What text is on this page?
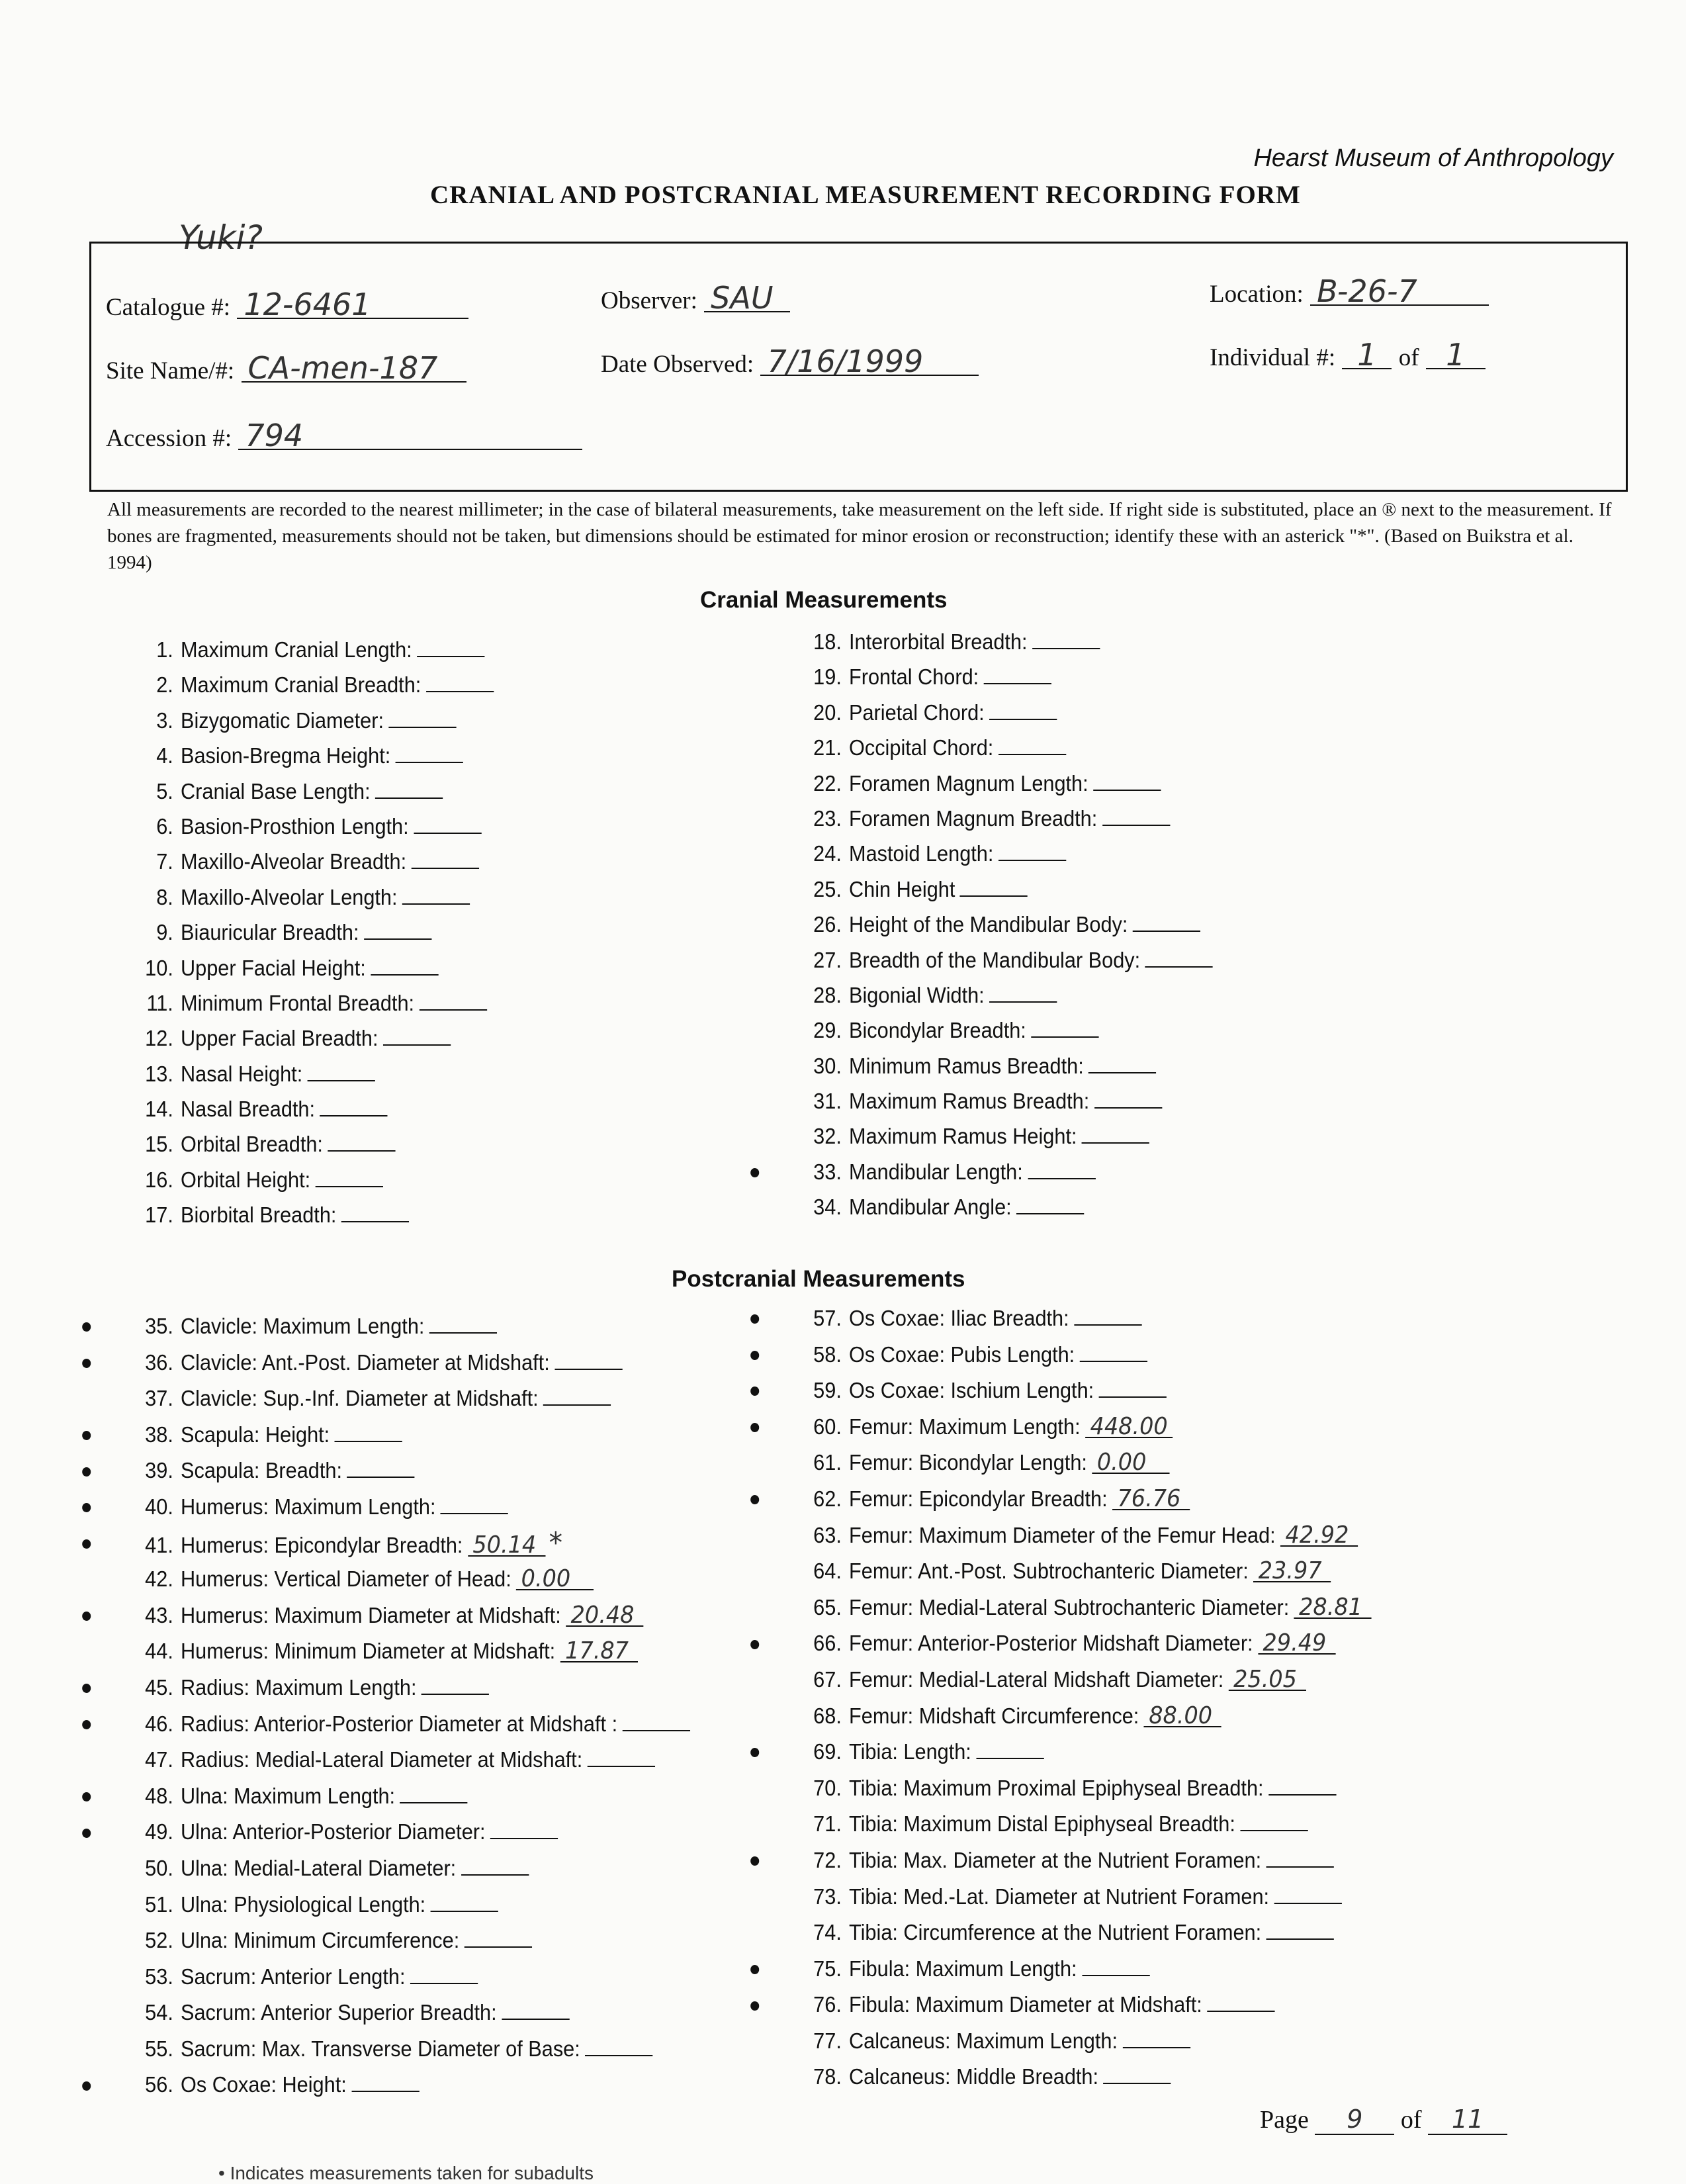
Hearst Museum of Anthropology
CRANIAL AND POSTCRANIAL MEASUREMENT RECORDING FORM
Yuki?
Catalogue #: 12-6461	Observer: SAU	Location: B-26-7
Site Name/#: CA-men-187	Date Observed: 7/16/1999	Individual #: 1 of 1
Accession #: 794
All measurements are recorded to the nearest millimeter; in the case of bilateral measurements, take measurement on the left side. If right side is substituted, place an ® next to the measurement. If bones are fragmented, measurements should not be taken, but dimensions should be estimated for minor erosion or reconstruction; identify these with an asterick "*". (Based on Buikstra et al. 1994)
Cranial Measurements
1. Maximum Cranial Length:
2. Maximum Cranial Breadth:
3. Bizygomatic Diameter:
4. Basion-Bregma Height:
5. Cranial Base Length:
6. Basion-Prosthion Length:
7. Maxillo-Alveolar Breadth:
8. Maxillo-Alveolar Length:
9. Biauricular Breadth:
10. Upper Facial Height:
11. Minimum Frontal Breadth:
12. Upper Facial Breadth:
13. Nasal Height:
14. Nasal Breadth:
15. Orbital Breadth:
16. Orbital Height:
17. Biorbital Breadth:
18. Interorbital Breadth:
19. Frontal Chord:
20. Parietal Chord:
21. Occipital Chord:
22. Foramen Magnum Length:
23. Foramen Magnum Breadth:
24. Mastoid Length:
25. Chin Height
26. Height of the Mandibular Body:
27. Breadth of the Mandibular Body:
28. Bigonial Width:
29. Bicondylar Breadth:
30. Minimum Ramus Breadth:
31. Maximum Ramus Breadth:
32. Maximum Ramus Height:
33. Mandibular Length:
34. Mandibular Angle:
Postcranial Measurements
35. Clavicle: Maximum Length:
36. Clavicle: Ant.-Post. Diameter at Midshaft:
37. Clavicle: Sup.-Inf. Diameter at Midshaft:
38. Scapula: Height:
39. Scapula: Breadth:
40. Humerus: Maximum Length:
41. Humerus: Epicondylar Breadth: 50.14 *
42. Humerus: Vertical Diameter of Head: 0.00
43. Humerus: Maximum Diameter at Midshaft: 20.48
44. Humerus: Minimum Diameter at Midshaft: 17.87
45. Radius: Maximum Length:
46. Radius: Anterior-Posterior Diameter at Midshaft :
47. Radius: Medial-Lateral Diameter at Midshaft:
48. Ulna: Maximum Length:
49. Ulna: Anterior-Posterior Diameter:
50. Ulna: Medial-Lateral Diameter:
51. Ulna: Physiological Length:
52. Ulna: Minimum Circumference:
53. Sacrum: Anterior Length:
54. Sacrum: Anterior Superior Breadth:
55. Sacrum: Max. Transverse Diameter of Base:
56. Os Coxae: Height:
57. Os Coxae: Iliac Breadth:
58. Os Coxae: Pubis Length:
59. Os Coxae: Ischium Length:
60. Femur: Maximum Length: 448.00
61. Femur: Bicondylar Length: 0.00
62. Femur: Epicondylar Breadth: 76.76
63. Femur: Maximum Diameter of the Femur Head: 42.92
64. Femur: Ant.-Post. Subtrochanteric Diameter: 23.97
65. Femur: Medial-Lateral Subtrochanteric Diameter: 28.81
66. Femur: Anterior-Posterior Midshaft Diameter: 29.49
67. Femur: Medial-Lateral Midshaft Diameter: 25.05
68. Femur: Midshaft Circumference: 88.00
69. Tibia: Length:
70. Tibia: Maximum Proximal Epiphyseal Breadth:
71. Tibia: Maximum Distal Epiphyseal Breadth:
72. Tibia: Max. Diameter at the Nutrient Foramen:
73. Tibia: Med.-Lat. Diameter at Nutrient Foramen:
74. Tibia: Circumference at the Nutrient Foramen:
75. Fibula: Maximum Length:
76. Fibula: Maximum Diameter at Midshaft:
77. Calcaneus: Maximum Length:
78. Calcaneus: Middle Breadth:
Page 9 of 11
• Indicates measurements taken for subadults
